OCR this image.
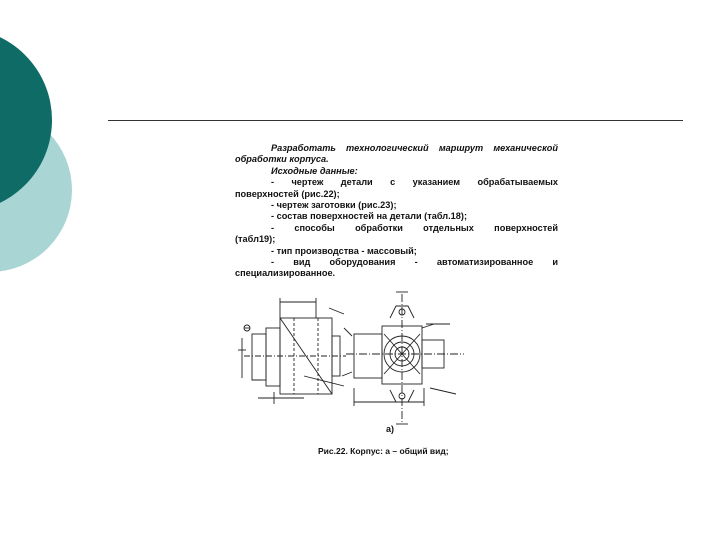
Разработать технологический маршрут механической

обработки корпуса.

Исходные данные:

- чертеж детали с указанием обрабатываемых

поверхностей (рис.22);

- чертеж заготовки (рис.23);

- состав поверхностей на детали (табл.18);

- способы обработки отдельных поверхностей

(табл19);

- тип производства - массовый;

- вид оборудования - автоматизированное и

специализированное.

а)
Рис.22. Корпус: а – общий вид;
